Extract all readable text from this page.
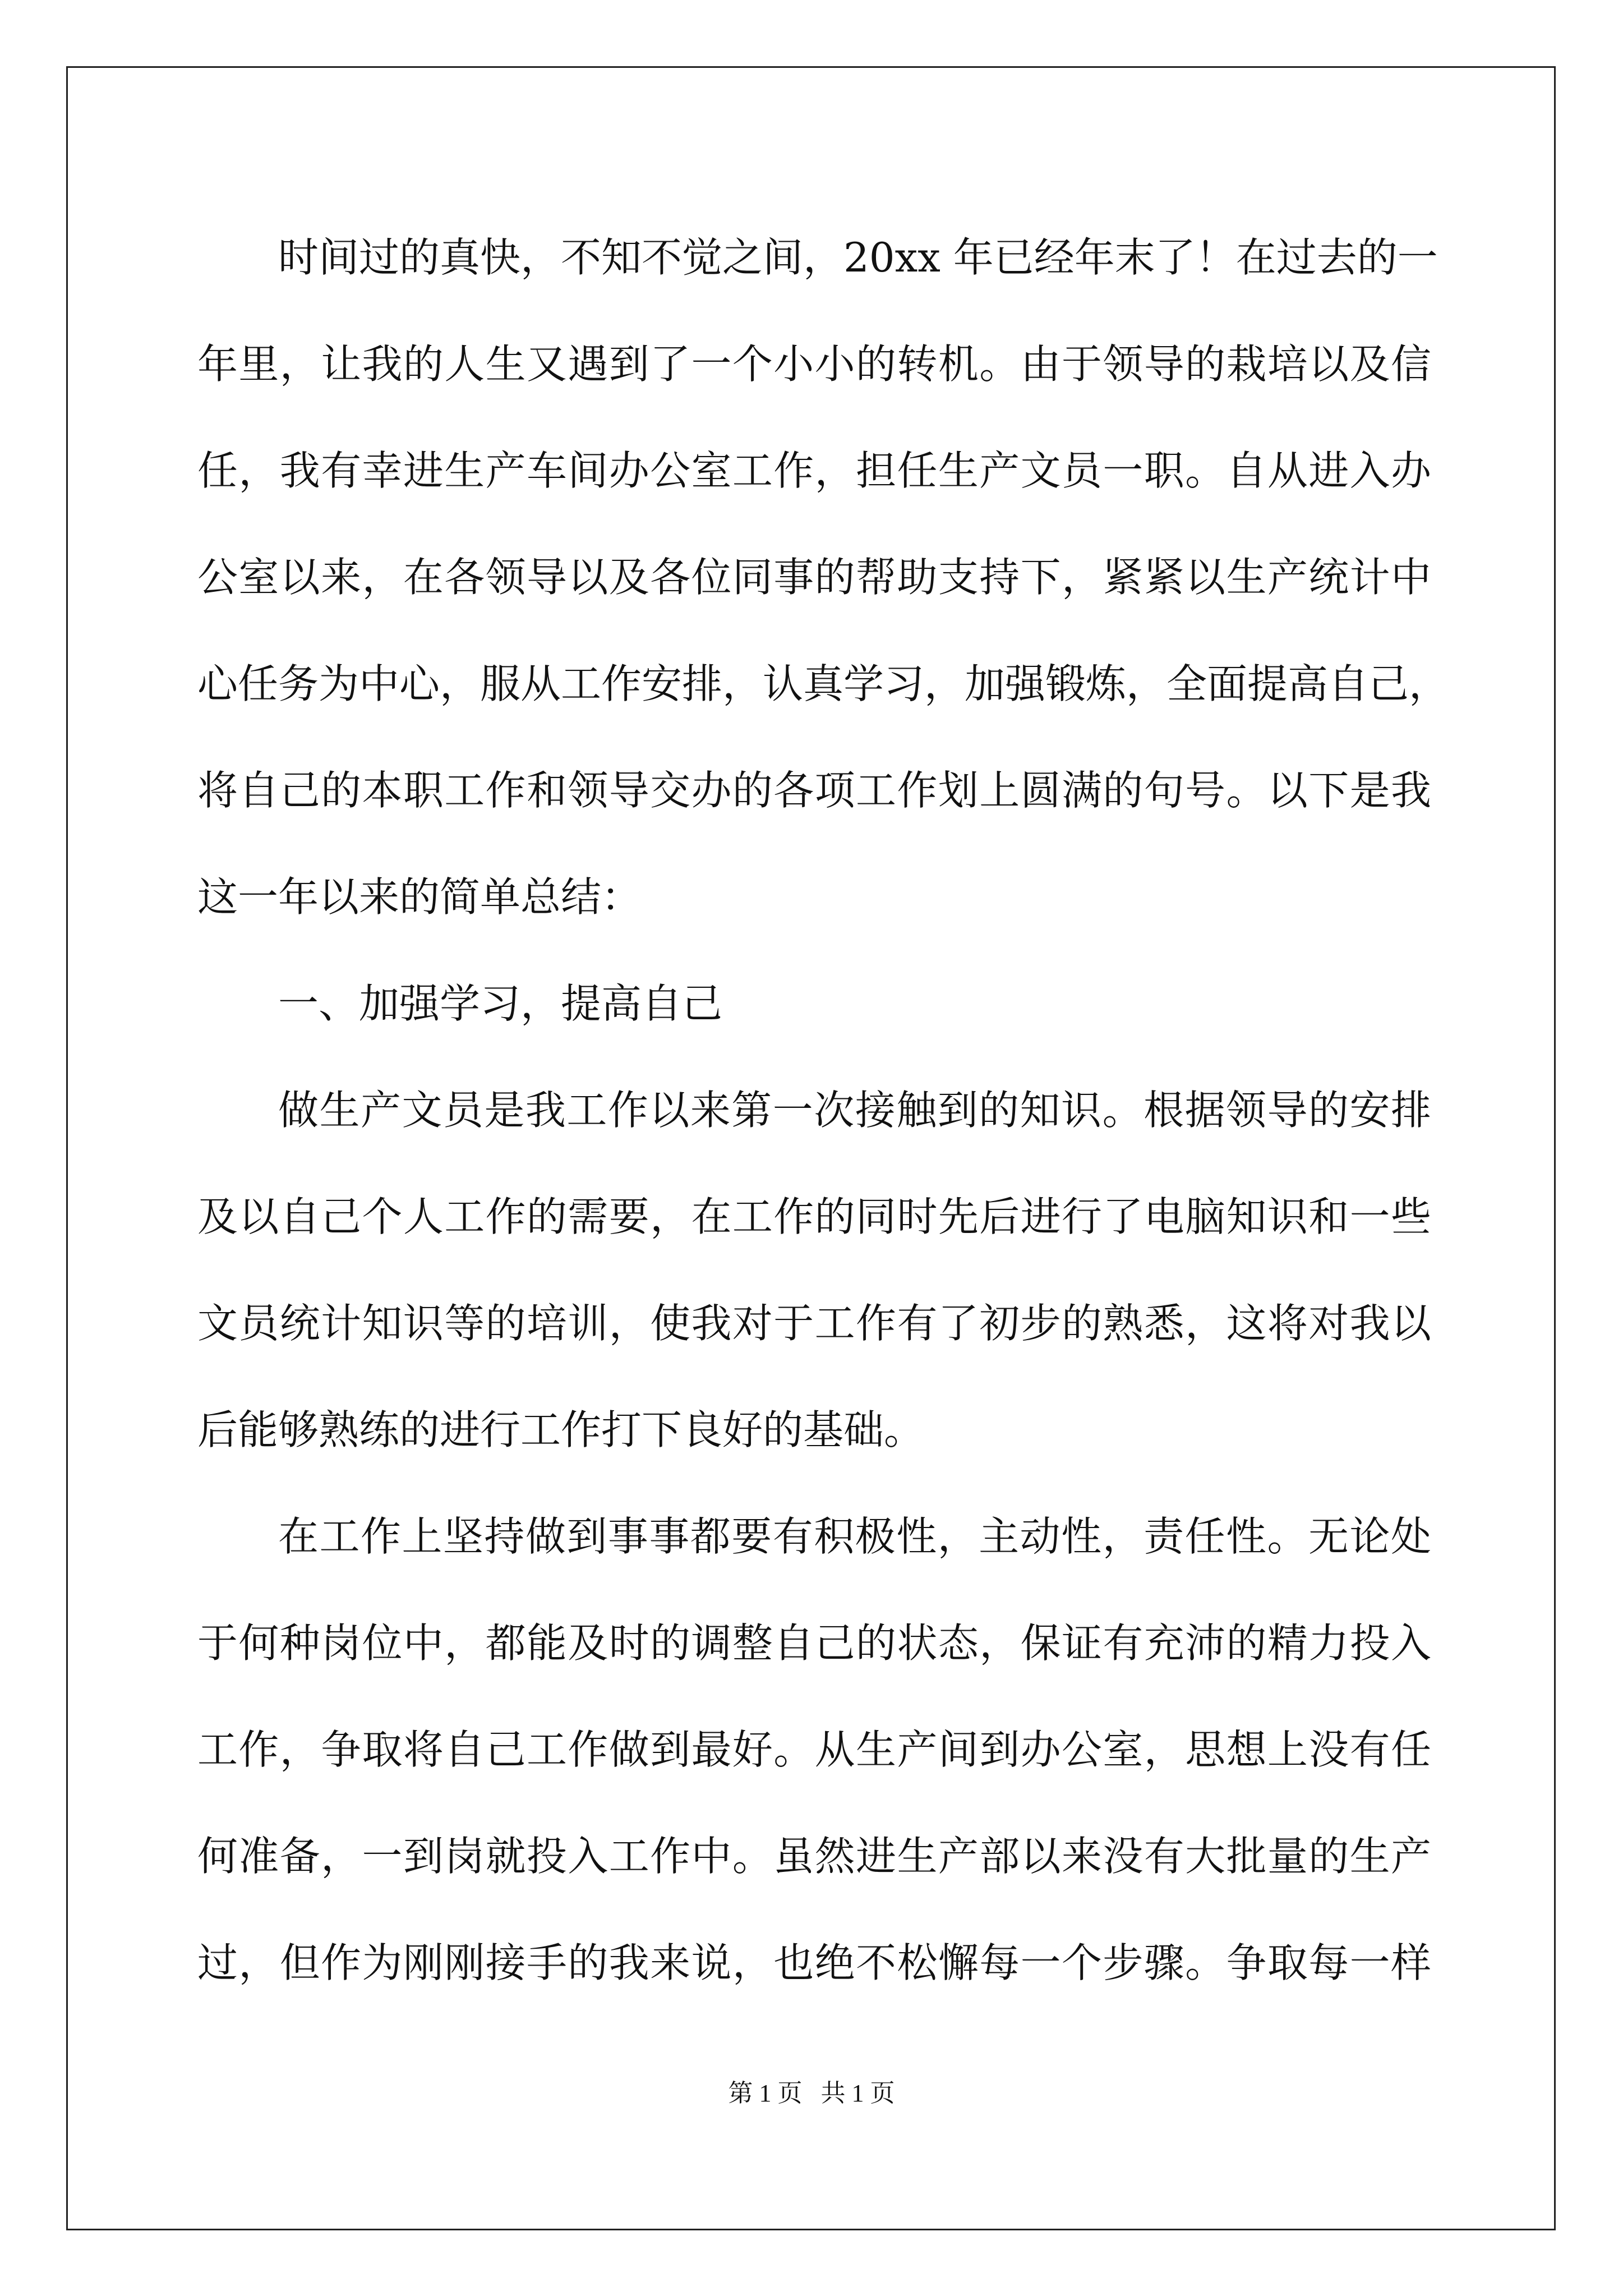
时间过的真快，不知不觉之间，20xx 年已经年末了！在过去的一
年里，让我的人生又遇到了一个小小的转机。由于领导的栽培以及信
任，我有幸进生产车间办公室工作，担任生产文员一职。自从进入办
公室以来，在各领导以及各位同事的帮助支持下，紧紧以生产统计中
心任务为中心，服从工作安排，认真学习，加强锻炼，全面提高自己，
将自己的本职工作和领导交办的各项工作划上圆满的句号。以下是我
这一年以来的简单总结：
一、加强学习，提高自己
做生产文员是我工作以来第一次接触到的知识。根据领导的安排
及以自己个人工作的需要，在工作的同时先后进行了电脑知识和一些
文员统计知识等的培训，使我对于工作有了初步的熟悉，这将对我以
后能够熟练的进行工作打下良好的基础。
在工作上坚持做到事事都要有积极性，主动性，责任性。无论处
于何种岗位中，都能及时的调整自己的状态，保证有充沛的精力投入
工作，争取将自己工作做到最好。从生产间到办公室，思想上没有任
何准备，一到岗就投入工作中。虽然进生产部以来没有大批量的生产
过，但作为刚刚接手的我来说，也绝不松懈每一个步骤。争取每一样
第 1 页 共 1 页
